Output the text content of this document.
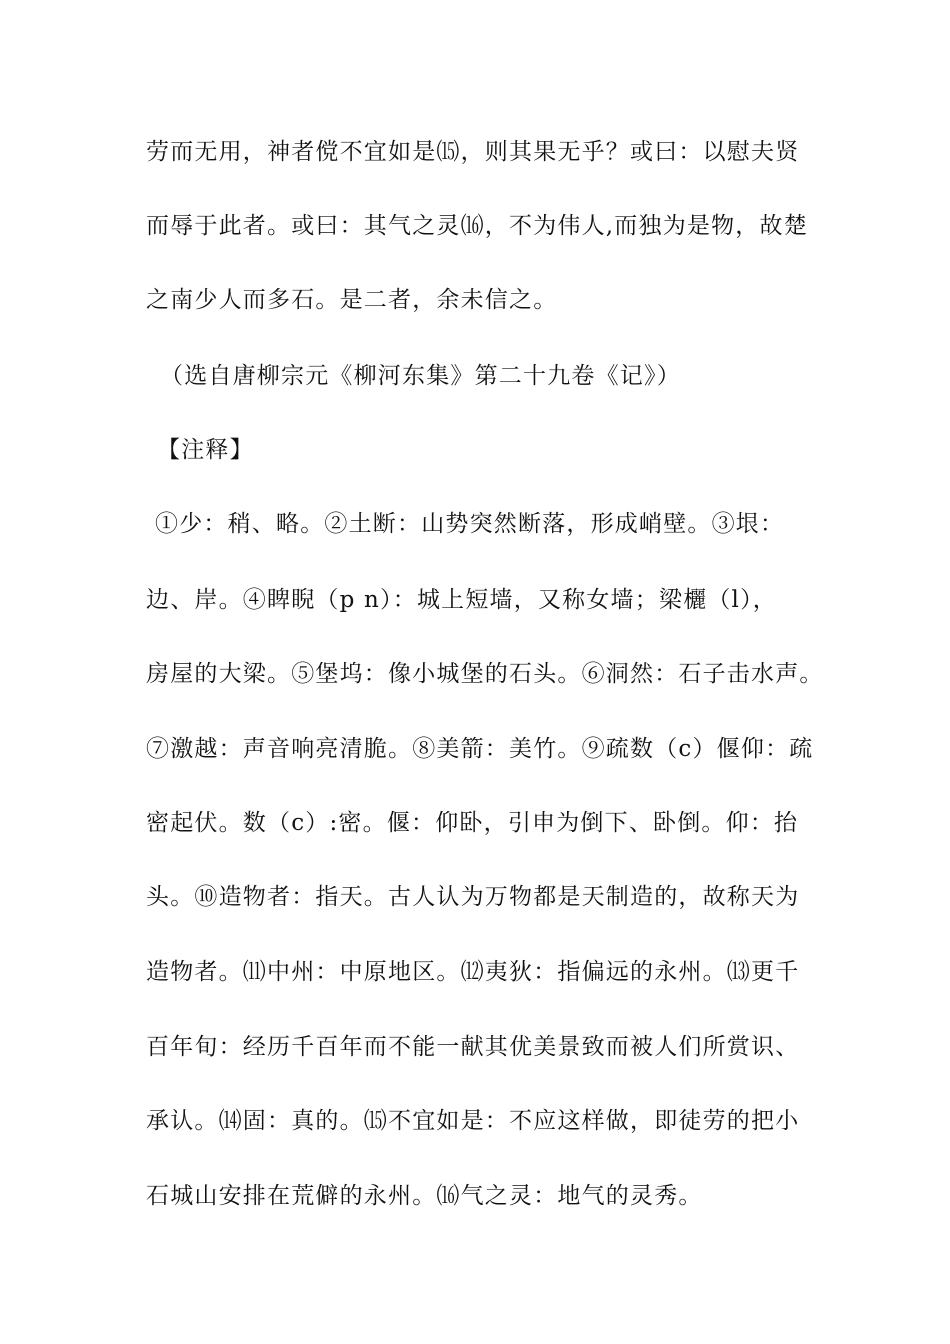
劳而无用，神者傥不宜如是⒂，则其果无乎？或曰：以慰夫贤
而辱于此者。或曰：其气之灵⒃，不为伟人,而独为是物，故楚
之南少人而多石。是二者，余未信之。
（选自唐柳宗元《柳河东集》第二十九卷《记》）
【注释】
①少：稍、略。②土断：山势突然断落，形成峭壁。③垠：
边、岸。④睥睨（p n）：城上短墙，又称女墙；梁欐（l），
房屋的大梁。⑤堡坞：像小城堡的石头。⑥洞然：石子击水声。
⑦激越：声音响亮清脆。⑧美箭：美竹。⑨疏数（c）偃仰：疏
密起伏。数（c）:密。偃：仰卧，引申为倒下、卧倒。仰：抬
头。⑩造物者：指天。古人认为万物都是天制造的，故称天为
造物者。⑾中州：中原地区。⑿夷狄：指偏远的永州。⒀更千
百年旬：经历千百年而不能一献其优美景致而被人们所赏识、
承认。⒁固：真的。⒂不宜如是：不应这样做，即徒劳的把小
石城山安排在荒僻的永州。⒃气之灵：地气的灵秀。
